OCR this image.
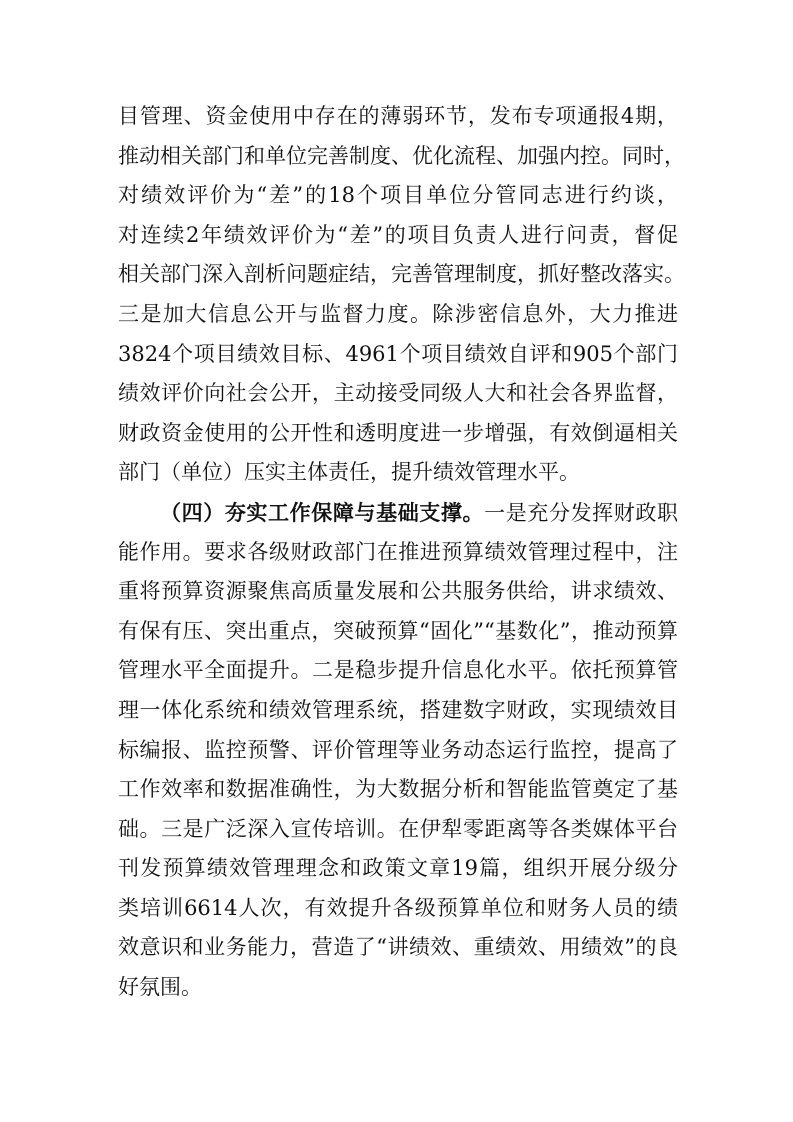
目管理、资金使用中存在的薄弱环节，发布专项通报4期，
推动相关部门和单位完善制度、优化流程、加强内控。同时，
对绩效评价为“差”的18个项目单位分管同志进行约谈，
对连续2年绩效评价为“差”的项目负责人进行问责，督促
相关部门深入剖析问题症结，完善管理制度，抓好整改落实。
三是加大信息公开与监督力度。除涉密信息外，大力推进
3824个项目绩效目标、4961个项目绩效自评和905个部门
绩效评价向社会公开，主动接受同级人大和社会各界监督，
财政资金使用的公开性和透明度进一步增强，有效倒逼相关
部门（单位）压实主体责任，提升绩效管理水平。
（四）夯实工作保障与基础支撑。一是充分发挥财政职
能作用。要求各级财政部门在推进预算绩效管理过程中，注
重将预算资源聚焦高质量发展和公共服务供给，讲求绩效、
有保有压、突出重点，突破预算“固化”“基数化”，推动预算
管理水平全面提升。二是稳步提升信息化水平。依托预算管
理一体化系统和绩效管理系统，搭建数字财政，实现绩效目
标编报、监控预警、评价管理等业务动态运行监控，提高了
工作效率和数据准确性，为大数据分析和智能监管奠定了基
础。三是广泛深入宣传培训。在伊犁零距离等各类媒体平台
刊发预算绩效管理理念和政策文章19篇，组织开展分级分
类培训6614人次，有效提升各级预算单位和财务人员的绩
效意识和业务能力，营造了“讲绩效、重绩效、用绩效”的良
好氛围。
